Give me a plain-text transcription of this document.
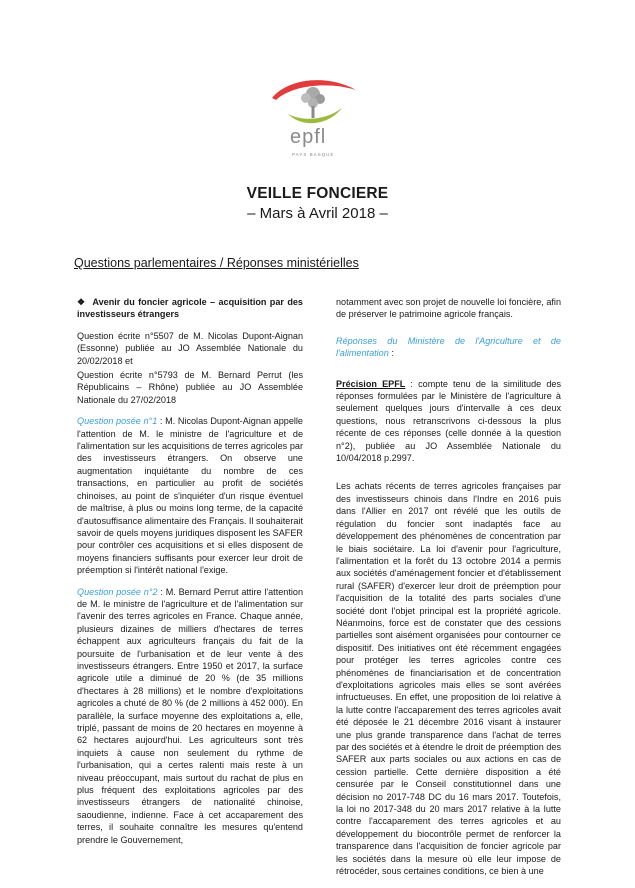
epfl
PAYS BASQUE
VEILLE FONCIERE
– Mars à Avril 2018 –
Questions parlementaires / Réponses ministérielles

❖ Avenir du foncier agricole – acquisition par des investisseurs étrangers

Question écrite n°5507 de M. Nicolas Dupont-Aignan (Essonne) publiée au JO Assemblée Nationale du 20/02/2018 et

Question écrite n°5793 de M. Bernard Perrut (les Républicains – Rhône) publiée au JO Assemblée Nationale du 27/02/2018

Question posée n°1 : M. Nicolas Dupont-Aignan appelle l'attention de M. le ministre de l'agriculture et de l'alimentation sur les acquisitions de terres agricoles par des investisseurs étrangers. On observe une augmentation inquiétante du nombre de ces transactions, en particulier au profit de sociétés chinoises, au point de s'inquiéter d'un risque éventuel de maîtrise, à plus ou moins long terme, de la capacité d'autosuffisance alimentaire des Français. Il souhaiterait savoir de quels moyens juridiques disposent les SAFER pour contrôler ces acquisitions et si elles disposent de moyens financiers suffisants pour exercer leur droit de préemption si l'intérêt national l'exige.

Question posée n°2 : M. Bernard Perrut attire l'attention de M. le ministre de l'agriculture et de l'alimentation sur l'avenir des terres agricoles en France. Chaque année, plusieurs dizaines de milliers d'hectares de terres échappent aux agriculteurs français du fait de la poursuite de l'urbanisation et de leur vente à des investisseurs étrangers. Entre 1950 et 2017, la surface agricole utile a diminué de 20 % (de 35 millions d'hectares à 28 millions) et le nombre d'exploitations agricoles a chuté de 80 % (de 2 millions à 452 000). En parallèle, la surface moyenne des exploitations a, elle, triplé, passant de moins de 20 hectares en moyenne à 62 hectares aujourd'hui. Les agriculteurs sont très inquiets à cause non seulement du rythme de l'urbanisation, qui a certes ralenti mais reste à un niveau préoccupant, mais surtout du rachat de plus en plus fréquent des exploitations agricoles par des investisseurs étrangers de nationalité chinoise, saoudienne, indienne. Face à cet accaparement des terres, il souhaite connaître les mesures qu'entend prendre le Gouvernement,

notamment avec son projet de nouvelle loi foncière, afin de préserver le patrimoine agricole français.

Réponses du Ministère de l'Agriculture et de l'alimentation :

Précision EPFL : compte tenu de la similitude des réponses formulées par le Ministère de l'agriculture à seulement quelques jours d'intervalle à ces deux questions, nous retranscrivons ci-dessous la plus récente de ces réponses (celle donnée à la question n°2), publiée au JO Assemblée Nationale du 10/04/2018 p.2997.

Les achats récents de terres agricoles françaises par des investisseurs chinois dans l'Indre en 2016 puis dans l'Allier en 2017 ont révélé que les outils de régulation du foncier sont inadaptés face au développement des phénomènes de concentration par le biais sociétaire. La loi d'avenir pour l'agriculture, l'alimentation et la forêt du 13 octobre 2014 a permis aux sociétés d'aménagement foncier et d'établissement rural (SAFER) d'exercer leur droit de préemption pour l'acquisition de la totalité des parts sociales d'une société dont l'objet principal est la propriété agricole. Néanmoins, force est de constater que des cessions partielles sont aisément organisées pour contourner ce dispositif. Des initiatives ont été récemment engagées pour protéger les terres agricoles contre ces phénomènes de financiarisation et de concentration d'exploitations agricoles mais elles se sont avérées infructueuses. En effet, une proposition de loi relative à la lutte contre l'accaparement des terres agricoles avait été déposée le 21 décembre 2016 visant à instaurer une plus grande transparence dans l'achat de terres par des sociétés et à étendre le droit de préemption des SAFER aux parts sociales ou aux actions en cas de cession partielle. Cette dernière disposition a été censurée par le Conseil constitutionnel dans une décision no 2017-748 DC du 16 mars 2017. Toutefois, la loi no 2017-348 du 20 mars 2017 relative à la lutte contre l'accaparement des terres agricoles et au développement du biocontrôle permet de renforcer la transparence dans l'acquisition de foncier agricole par les sociétés dans la mesure où elle leur impose de rétrocéder, sous certaines conditions, ce bien à une
